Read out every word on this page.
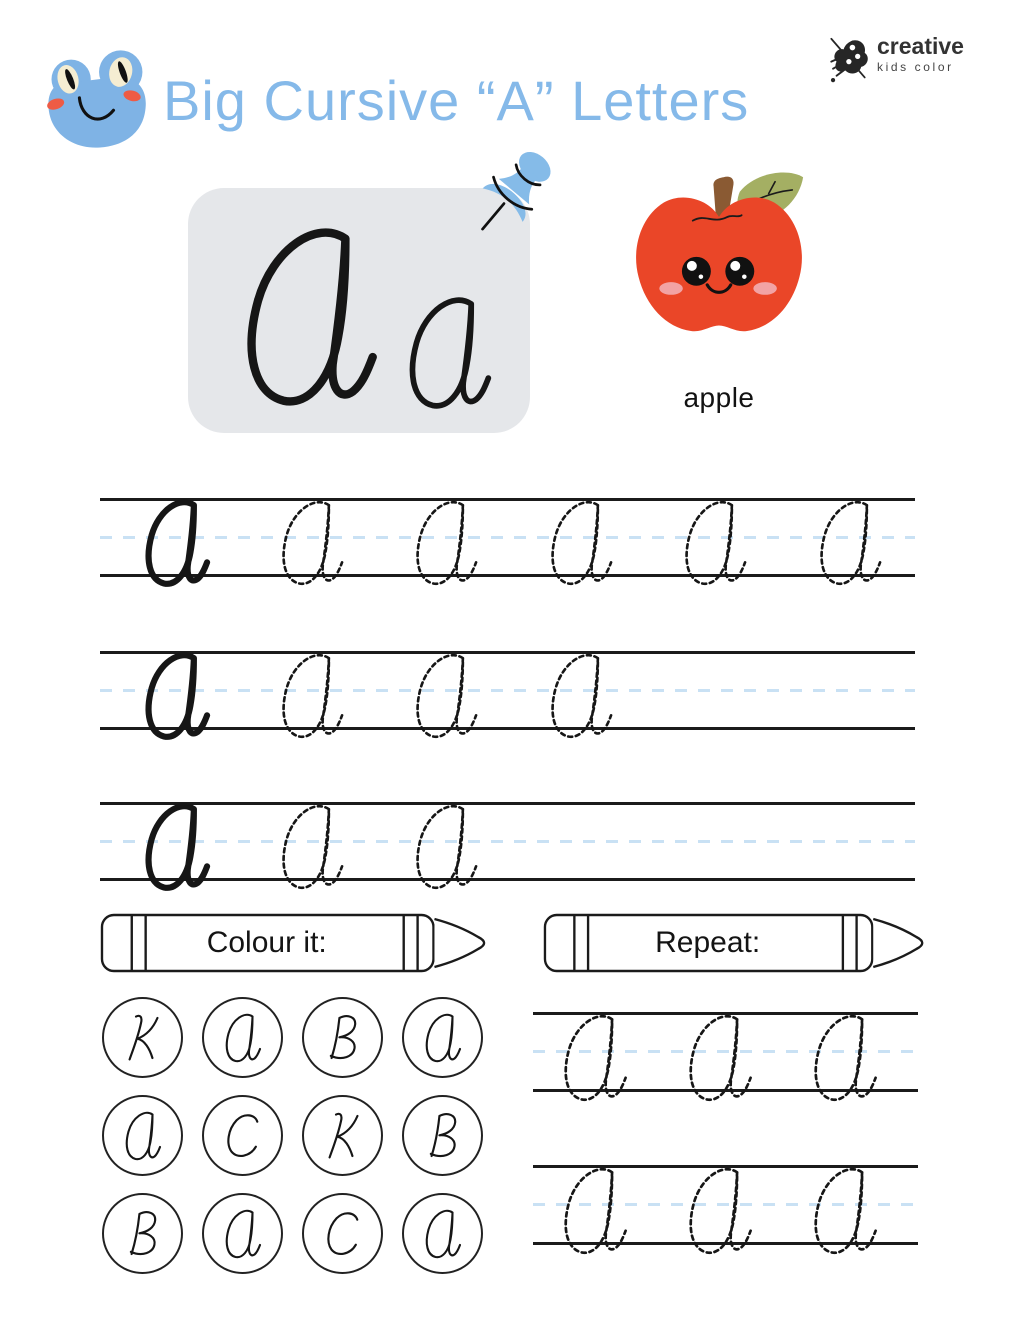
Big Cursive “A” Letters
creative
kids color
apple
Colour it:	Repeat:
